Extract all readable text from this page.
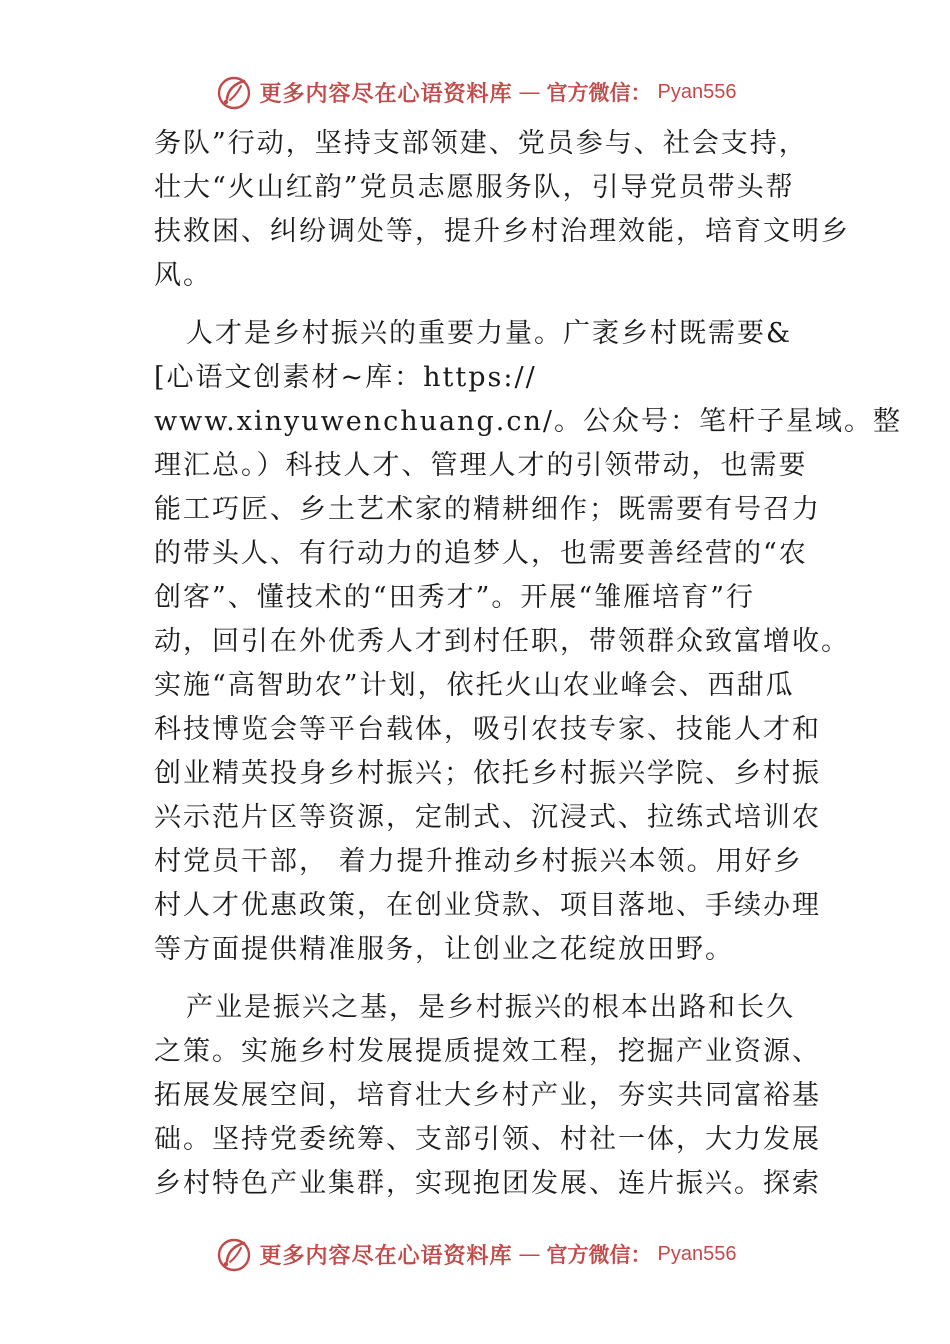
更多内容尽在心语资料库 — 官方微信： Pyan556
务队”行动，坚持支部领建、党员参与、社会支持，
壮大“火山红韵”党员志愿服务队，引导党员带头帮
扶救困、纠纷调处等，提升乡村治理效能，培育文明乡
风。
人才是乡村振兴的重要力量。广袤乡村既需要&
[心语文创素材~库：https://
www.xinyuwenchuang.cn/。公众号：笔杆子星域。整
理汇总。）科技人才、管理人才的引领带动，也需要
能工巧匠、乡土艺术家的精耕细作；既需要有号召力
的带头人、有行动力的追梦人，也需要善经营的“农
创客”、懂技术的“田秀才”。开展“雏雁培育”行
动，回引在外优秀人才到村任职，带领群众致富增收。
实施“高智助农”计划，依托火山农业峰会、西甜瓜
科技博览会等平台载体，吸引农技专家、技能人才和
创业精英投身乡村振兴；依托乡村振兴学院、乡村振
兴示范片区等资源，定制式、沉浸式、拉练式培训农
村党员干部， 着力提升推动乡村振兴本领。用好乡
村人才优惠政策，在创业贷款、项目落地、手续办理
等方面提供精准服务，让创业之花绽放田野。
产业是振兴之基，是乡村振兴的根本出路和长久
之策。实施乡村发展提质提效工程，挖掘产业资源、
拓展发展空间，培育壮大乡村产业，夯实共同富裕基
础。坚持党委统筹、支部引领、村社一体，大力发展
乡村特色产业集群，实现抱团发展、连片振兴。探索
更多内容尽在心语资料库 — 官方微信： Pyan556
